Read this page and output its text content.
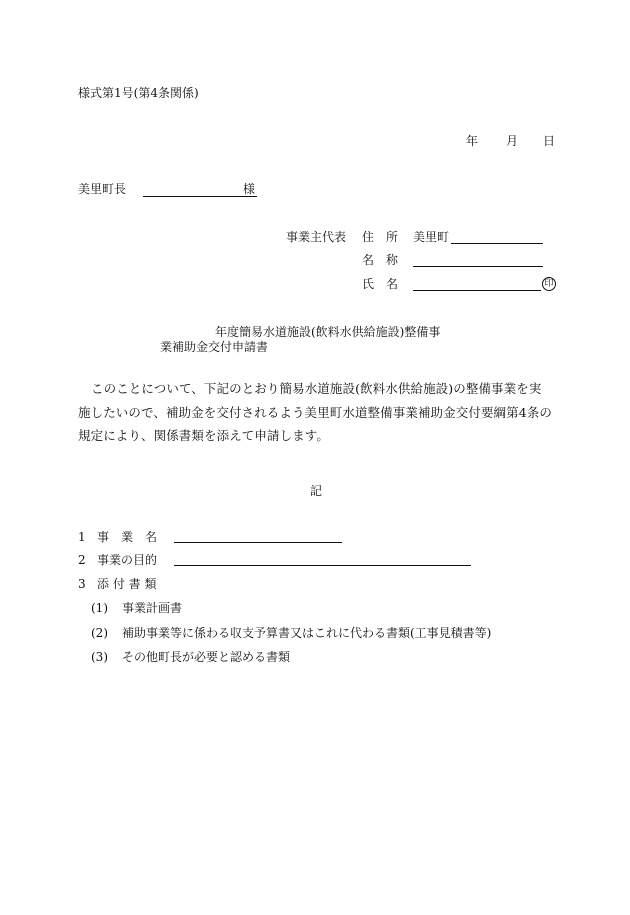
様式第1号(第4条関係)
年 月 日
美里町長	様
事業主代表 住　所 美里町
名　称
氏　名	印
年度簡易水道施設(飲料水供給施設)整備事
業補助金交付申請書
このことについて、下記のとおり簡易水道施設(飲料水供給施設)の整備事業を実
施したいので、補助金を交付されるよう美里町水道整備事業補助金交付要綱第4条の
規定により、関係書類を添えて申請します。
記
1 事　業　名
2 事業の目的
3 添 付 書 類
(1) 事業計画書
(2) 補助事業等に係わる収支予算書又はこれに代わる書類(工事見積書等)
(3) その他町長が必要と認める書類
